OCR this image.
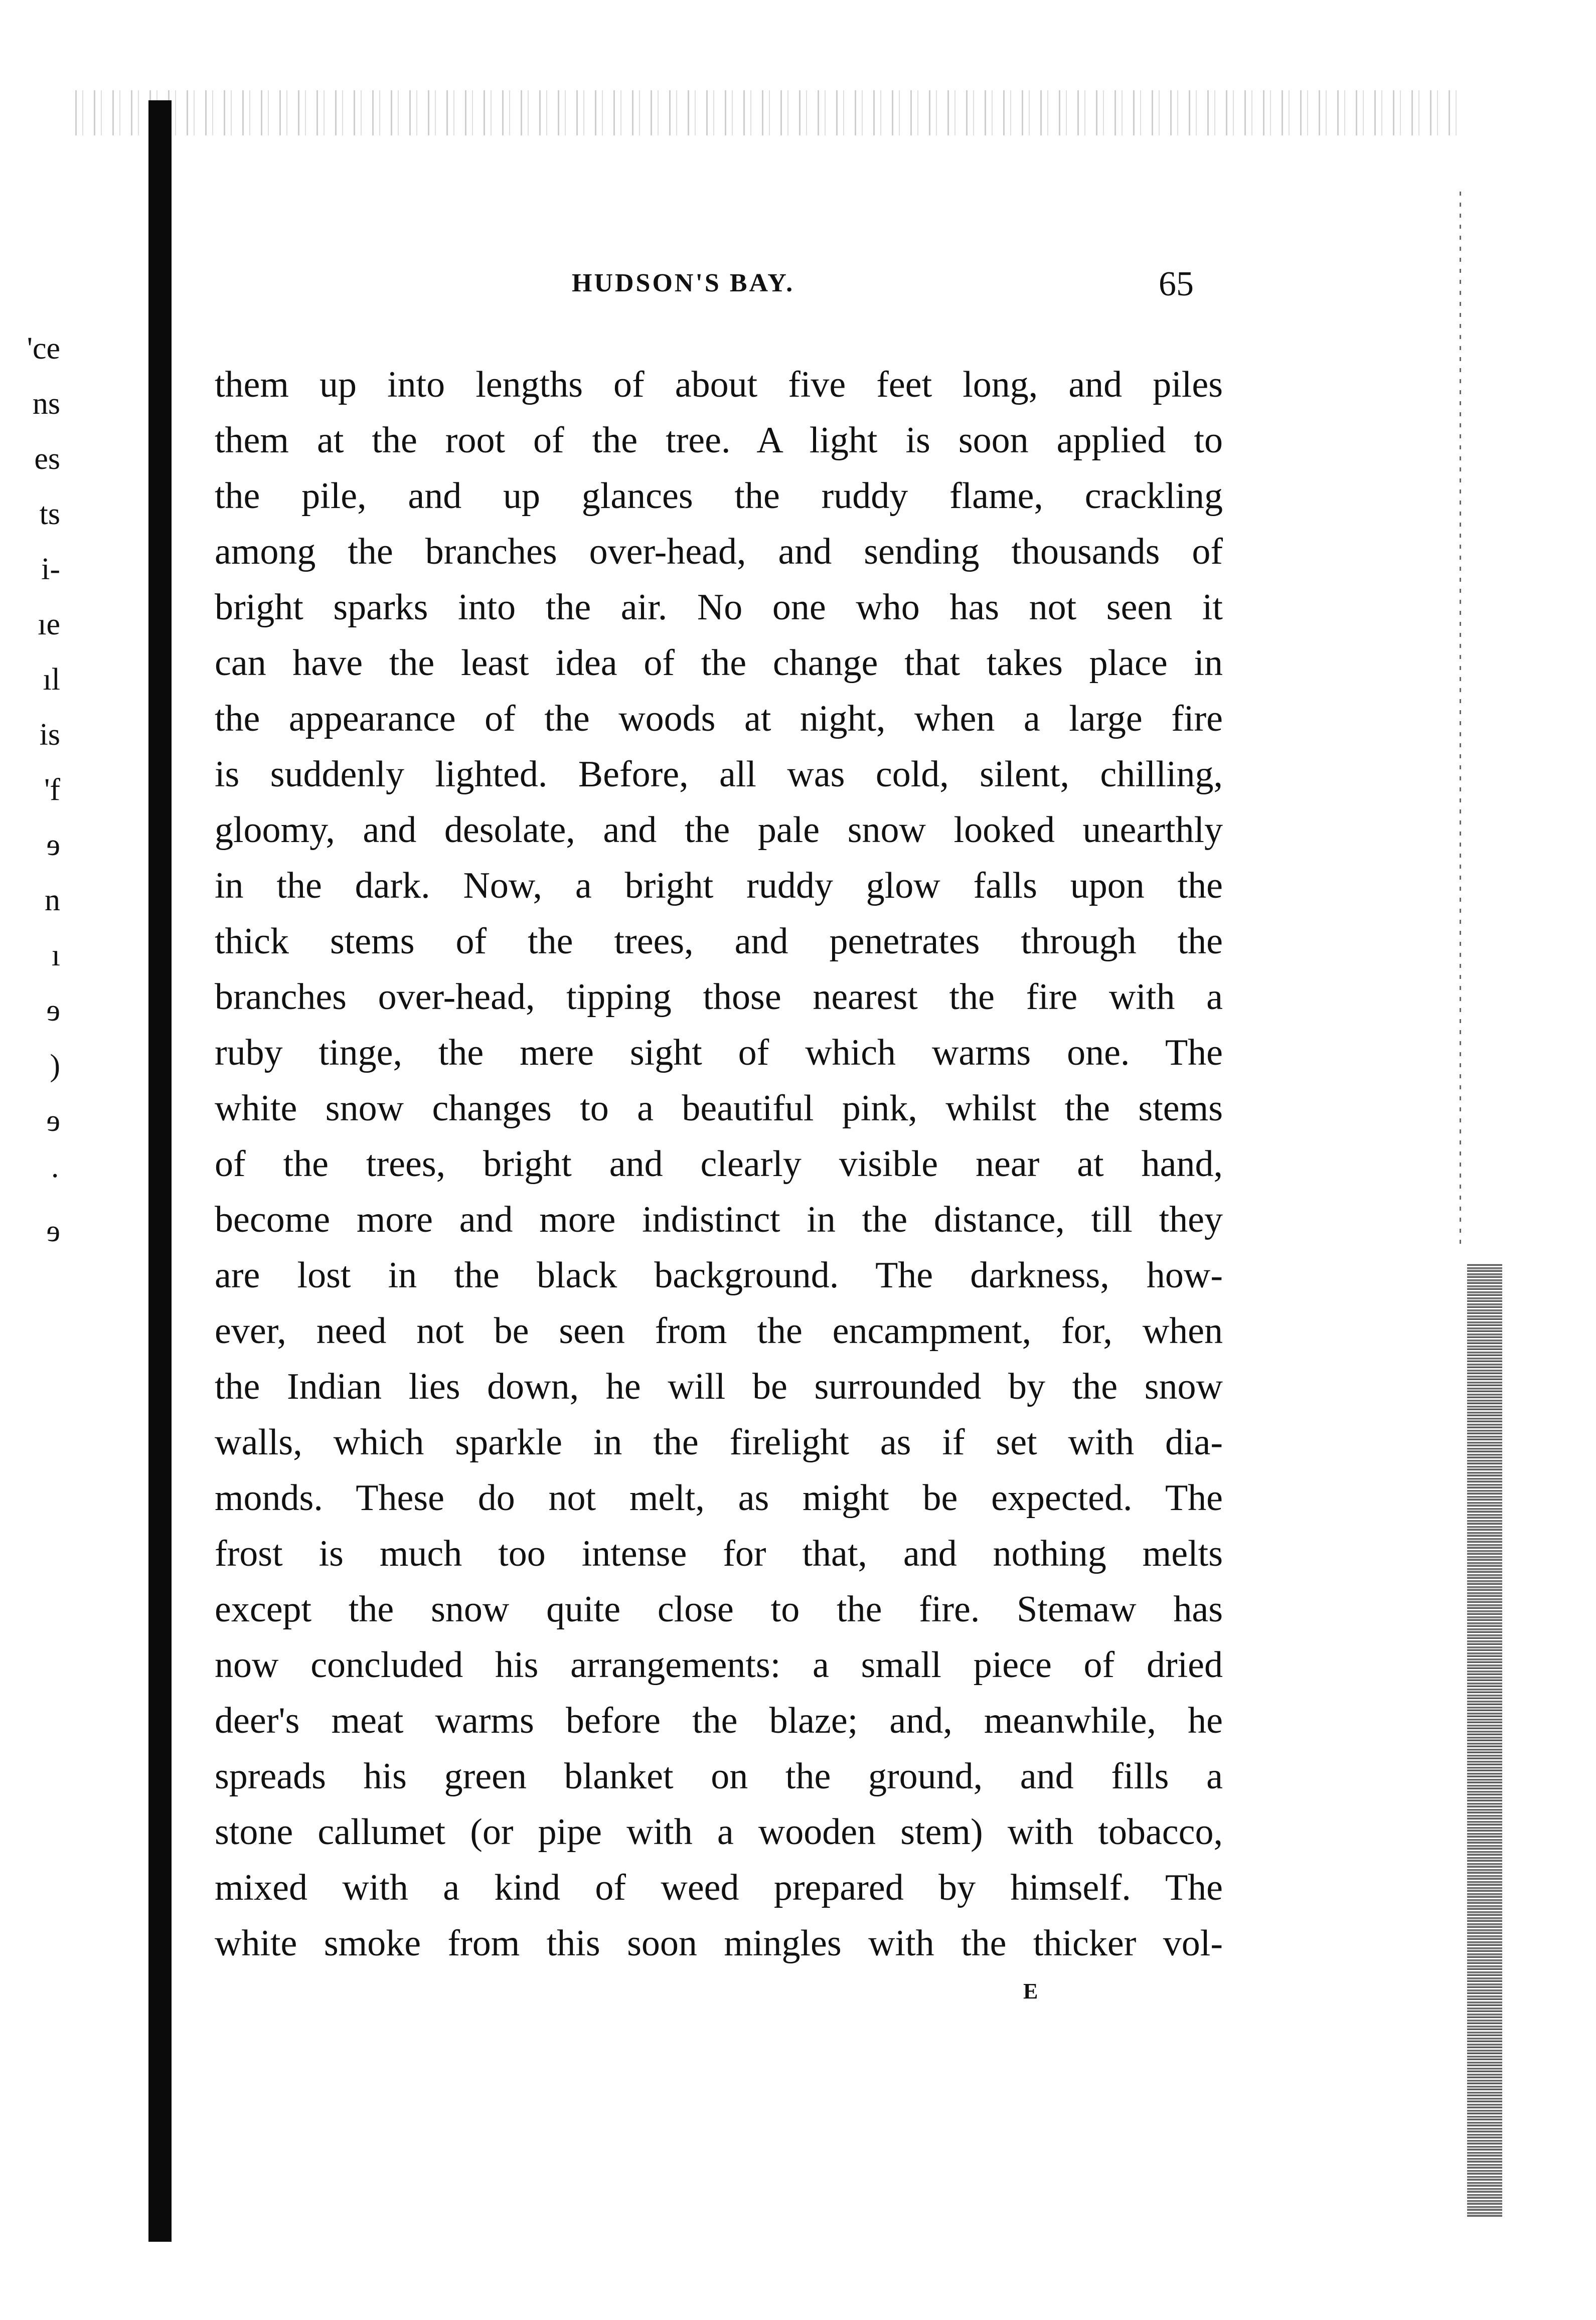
'ce
ns
es
ts
i-
ıe
ıl
is
'f
ɘ
n
ı
ɘ
)
ɘ
·
ɘ
HUDSON'S BAY.	65
them up into lengths of about five feet long, and piles
them at the root of the tree. A light is soon applied to
the pile, and up glances the ruddy flame, crackling
among the branches over-head, and sending thousands of
bright sparks into the air. No one who has not seen it
can have the least idea of the change that takes place in
the appearance of the woods at night, when a large fire
is suddenly lighted. Before, all was cold, silent, chilling,
gloomy, and desolate, and the pale snow looked unearthly
in the dark. Now, a bright ruddy glow falls upon the
thick stems of the trees, and penetrates through the
branches over-head, tipping those nearest the fire with a
ruby tinge, the mere sight of which warms one. The
white snow changes to a beautiful pink, whilst the stems
of the trees, bright and clearly visible near at hand,
become more and more indistinct in the distance, till they
are lost in the black background. The darkness, how-
ever, need not be seen from the encampment, for, when
the Indian lies down, he will be surrounded by the snow
walls, which sparkle in the firelight as if set with dia-
monds. These do not melt, as might be expected. The
frost is much too intense for that, and nothing melts
except the snow quite close to the fire. Stemaw has
now concluded his arrangements: a small piece of dried
deer's meat warms before the blaze; and, meanwhile, he
spreads his green blanket on the ground, and fills a
stone callumet (or pipe with a wooden stem) with tobacco,
mixed with a kind of weed prepared by himself. The
white smoke from this soon mingles with the thicker vol-
E
